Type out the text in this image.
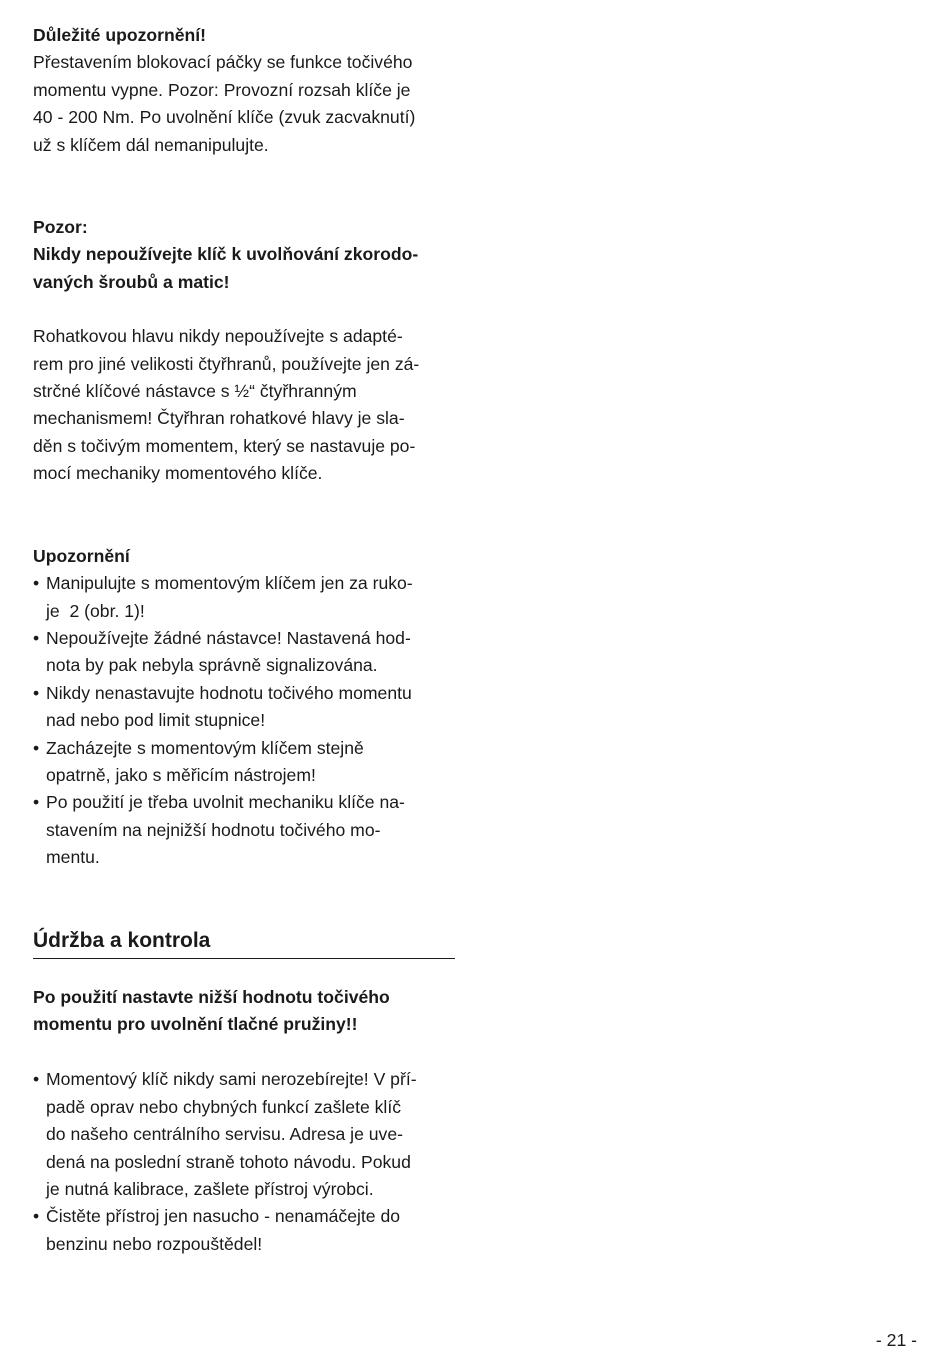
Důležité upozornění!

Přestavením blokovací páčky se funkce točivého

momentu vypne. Pozor: Provozní rozsah klíče je

40 - 200 Nm. Po uvolnění klíče (zvuk zacvaknutí)

už s klíčem dál nemanipulujte.

Pozor:

Nikdy nepoužívejte klíč k uvolňování zkorodo-

vaných šroubů a matic!

Rohatkovou hlavu nikdy nepoužívejte s adapté-

rem pro jiné velikosti čtyřhranů, používejte jen zá-

strčné klíčové nástavce s ½“ čtyřhranným

mechanismem! Čtyřhran rohatkové hlavy je sla-

děn s točivým momentem, který se nastavuje po-

mocí mechaniky momentového klíče.

Upozornění

• Manipulujte s momentovým klíčem jen za ruko-
je  2 (obr. 1)!
• Nepoužívejte žádné nástavce! Nastavená hod-
nota by pak nebyla správně signalizována.
• Nikdy nenastavujte hodnotu točivého momentu
nad nebo pod limit stupnice!
• Zacházejte s momentovým klíčem stejně
opatrně, jako s měřicím nástrojem!
• Po použití je třeba uvolnit mechaniku klíče na-
stavením na nejnižší hodnotu točivého mo-
mentu.

Údržba a kontrola

Po použití nastavte nižší hodnotu točivého

momentu pro uvolnění tlačné pružiny!!

• Momentový klíč nikdy sami nerozebírejte! V pří-
padě oprav nebo chybných funkcí zašlete klíč
do našeho centrálního servisu. Adresa je uve-
dená na poslední straně tohoto návodu. Pokud
je nutná kalibrace, zašlete přístroj výrobci.
• Čistěte přístroj jen nasucho - nenamáčejte do
benzinu nebo rozpouštědel!
- 21 -
